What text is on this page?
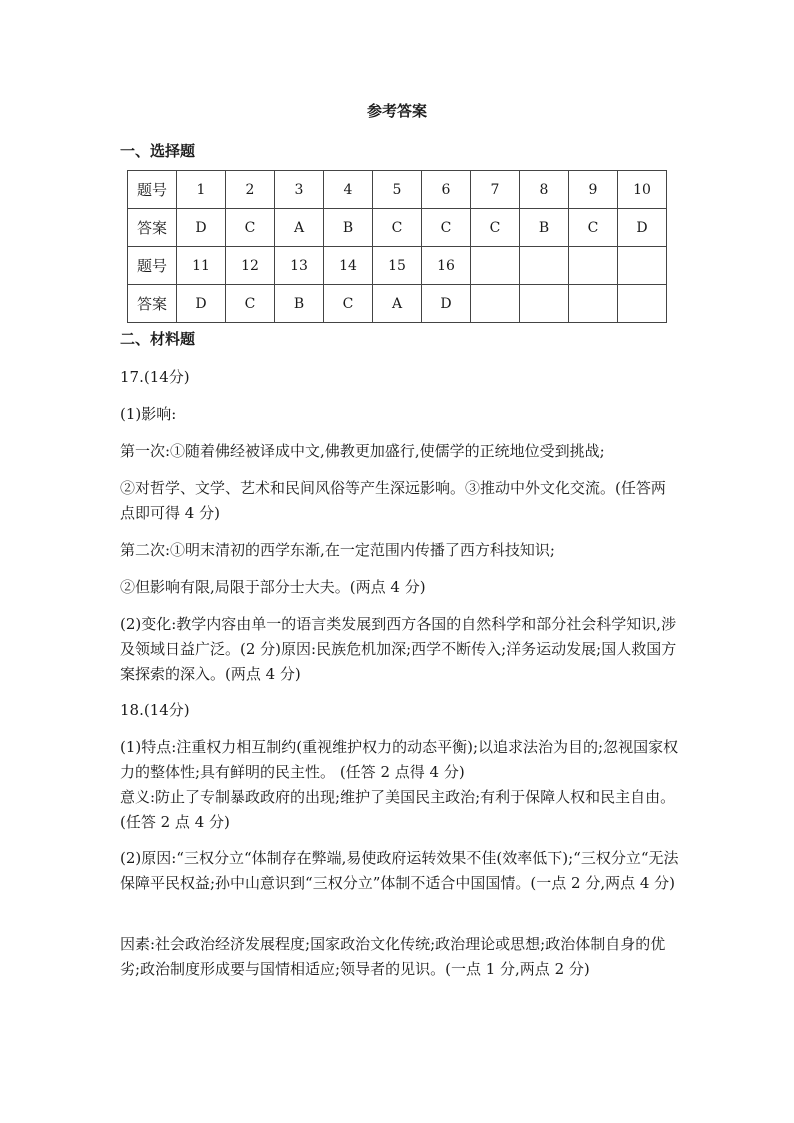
参考答案
一、选择题
题号	1	2	3	4	5	6	7	8	9	10
答案	D	C	A	B	C	C	C	B	C	D
题号	11	12	13	14	15	16				
答案	D	C	B	C	A	D				
二、材料题
17.(14分)
(1)影响:
第一次:①随着佛经被译成中文,佛教更加盛行,使儒学的正统地位受到挑战;
②对哲学、文学、艺术和民间风俗等产生深远影响。③推动中外文化交流。(任答两点即可得 4 分)
第二次:①明末清初的西学东渐,在一定范围内传播了西方科技知识;
②但影响有限,局限于部分士大夫。(两点 4 分)
(2)变化:教学内容由单一的语言类发展到西方各国的自然科学和部分社会科学知识,涉及领域日益广泛。(2 分)原因:民族危机加深;西学不断传入;洋务运动发展;国人救国方案探索的深入。(两点 4 分)
18.(14分)
(1)特点:注重权力相互制约(重视维护权力的动态平衡);以追求法治为目的;忽视国家权力的整体性;具有鲜明的民主性。 (任答 2 点得 4 分)
意义:防止了专制暴政政府的出现;维护了美国民主政治;有利于保障人权和民主自由。(任答 2 点 4 分)
(2)原因:“三权分立“体制存在弊端,易使政府运转效果不佳(效率低下);“三权分立“无法保障平民权益;孙中山意识到“三权分立”体制不适合中国国情。(一点 2 分,两点 4 分)
因素:社会政治经济发展程度;国家政治文化传统;政治理论或思想;政治体制自身的优劣;政治制度形成要与国情相适应;领导者的见识。(一点 1 分,两点 2 分)
